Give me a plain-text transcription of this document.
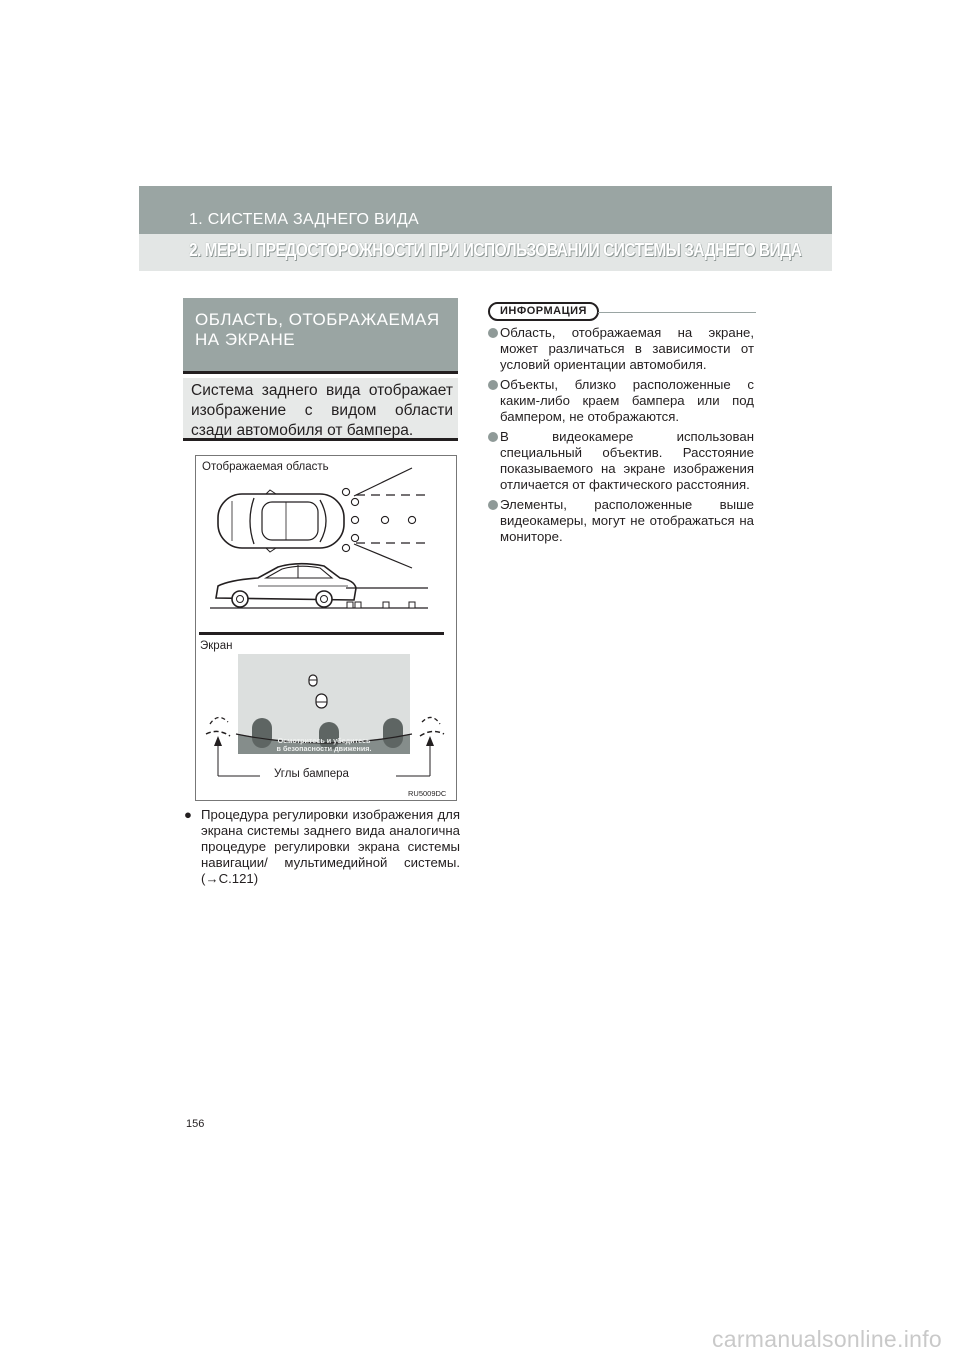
1. СИСТЕМА ЗАДНЕГО ВИДА
2. МЕРЫ ПРЕДОСТОРОЖНОСТИ ПРИ ИСПОЛЬЗОВАНИИ СИСТЕМЫ ЗАДНЕГО ВИДА
ОБЛАСТЬ, ОТОБРАЖАЕМАЯ НА ЭКРАНЕ
Система заднего вида отображает изображение с видом области сзади автомобиля от бампера.
Отображаемая область
Экран
Осмотритесь и убедитесь
в безопасности движения.
Углы бампера
RU5009DC
● Процедура регулировки изображения для экрана системы заднего вида аналогична процедуре регулировки экрана системы навигации/ мультимедийной системы. (→С.121)
ИНФОРМАЦИЯ
Область, отображаемая на экране, может различаться в зависимости от условий ориентации автомобиля.
Объекты, близко расположенные с каким-либо краем бампера или под бампером, не отображаются.
В видеокамере использован специальный объектив. Расстояние показываемого на экране изображения отличается от фактического расстояния.
Элементы, расположенные выше видеокамеры, могут не отображаться на мониторе.
156
carmanualsonline.info
